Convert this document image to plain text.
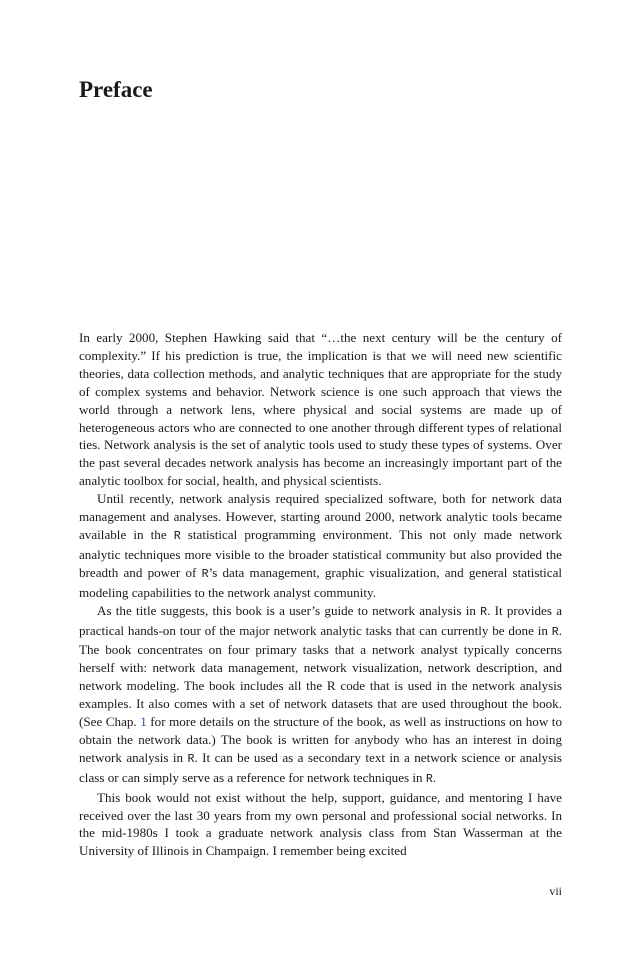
Preface

In early 2000, Stephen Hawking said that “…the next century will be the century of complexity.” If his prediction is true, the implication is that we will need new scientific theories, data collection methods, and analytic techniques that are appropriate for the study of complex systems and behavior. Network science is one such approach that views the world through a network lens, where physical and social systems are made up of heterogeneous actors who are connected to one another through different types of relational ties. Network analysis is the set of analytic tools used to study these types of systems. Over the past several decades network analysis has become an increasingly important part of the analytic toolbox for social, health, and physical scientists.

Until recently, network analysis required specialized software, both for network data management and analyses. However, starting around 2000, network analytic tools became available in the R statistical programming environment. This not only made network analytic techniques more visible to the broader statistical community but also provided the breadth and power of R’s data management, graphic visualization, and general statistical modeling capabilities to the network analyst community.

As the title suggests, this book is a user’s guide to network analysis in R. It provides a practical hands-on tour of the major network analytic tasks that can currently be done in R. The book concentrates on four primary tasks that a network analyst typically concerns herself with: network data management, network visualization, network description, and network modeling. The book includes all the R code that is used in the network analysis examples. It also comes with a set of network datasets that are used throughout the book. (See Chap. 1 for more details on the structure of the book, as well as instructions on how to obtain the network data.) The book is written for anybody who has an interest in doing network analysis in R. It can be used as a secondary text in a network science or analysis class or can simply serve as a reference for network techniques in R.

This book would not exist without the help, support, guidance, and mentoring I have received over the last 30 years from my own personal and professional social networks. In the mid-1980s I took a graduate network analysis class from Stan Wasserman at the University of Illinois in Champaign. I remember being excited

vii
